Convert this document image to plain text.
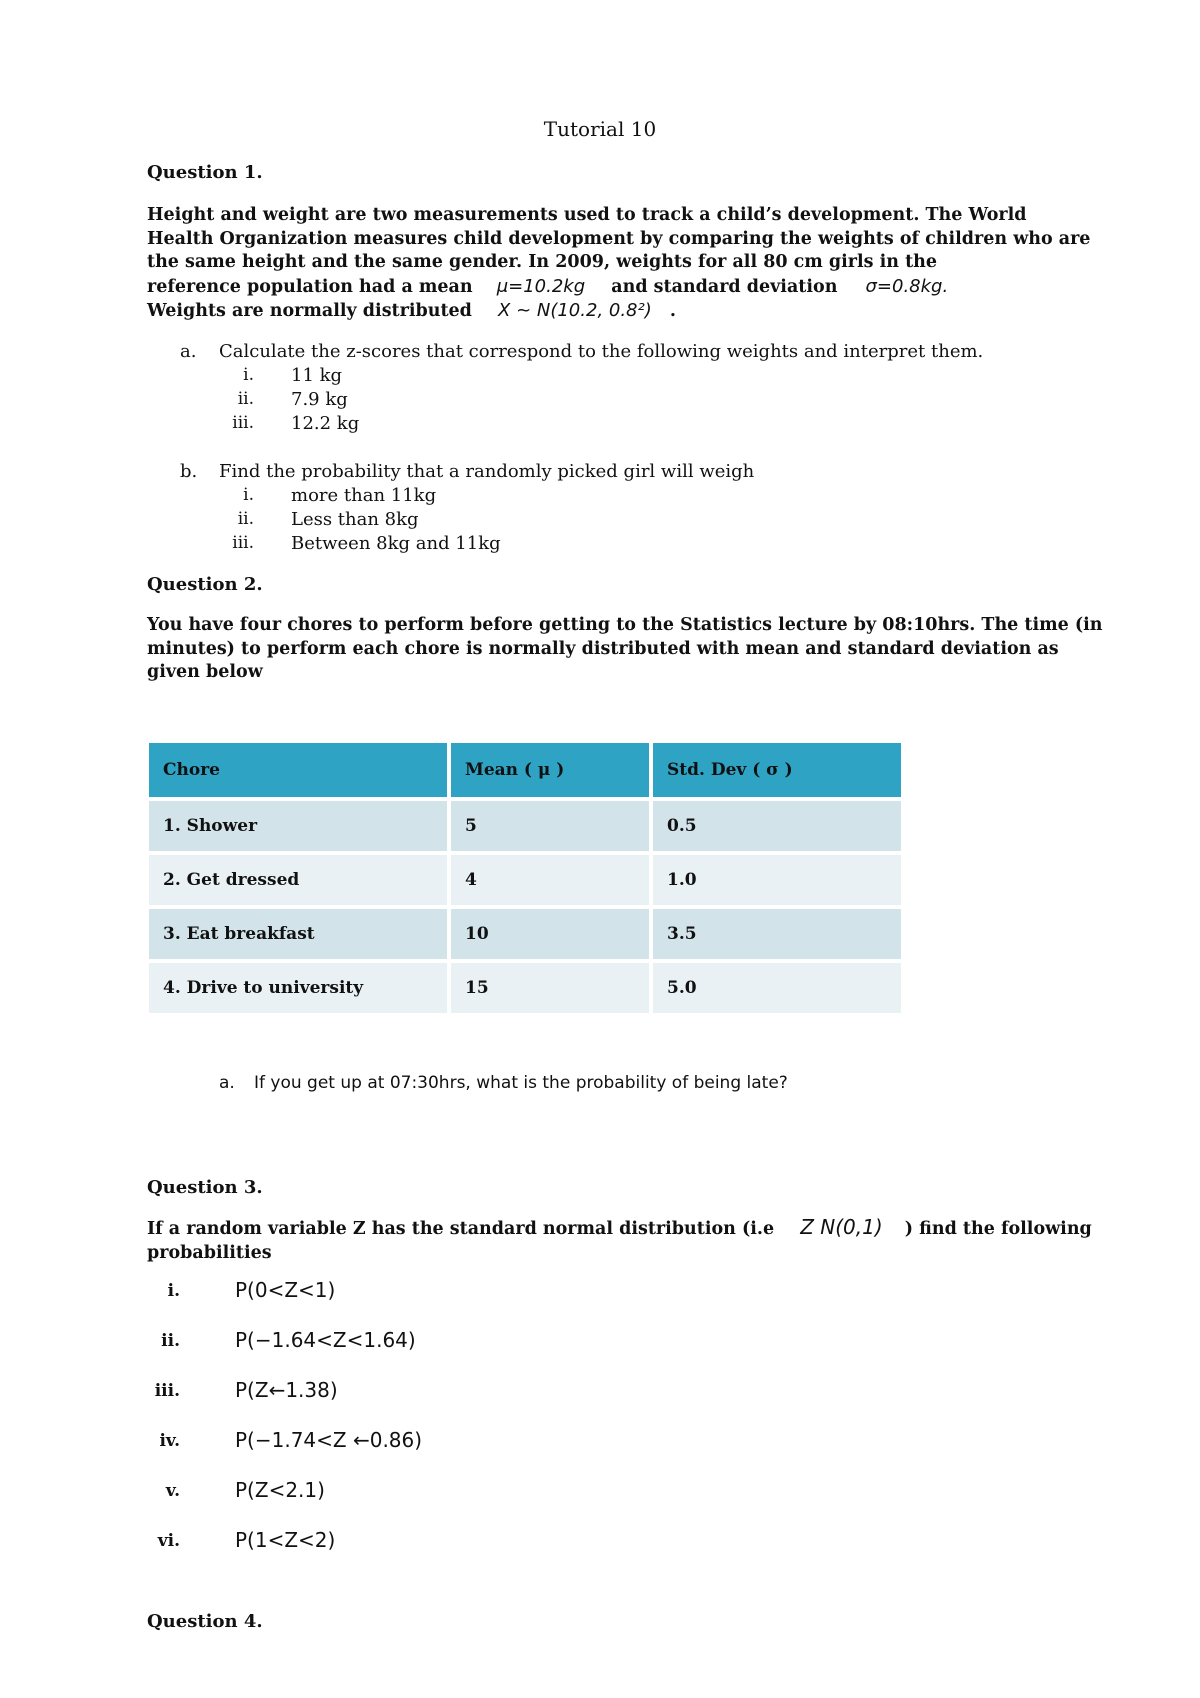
Tutorial 10
Question 1.
Height and weight are two measurements used to track a child’s development. The World
Health Organization measures child development by comparing the weights of children who are
the same height and the same gender. In 2009, weights for all 80 cm girls in the
reference population had a mean μ=10.2kg and standard deviation σ=0.8kg.
Weights are normally distributed X ~ N(10.2, 0.8²) .
a. Calculate the z-scores that correspond to the following weights and interpret them.
i. 11 kg
ii. 7.9 kg
iii. 12.2 kg
b. Find the probability that a randomly picked girl will weigh
i. more than 11kg
ii. Less than 8kg
iii. Between 8kg and 11kg
Question 2.
You have four chores to perform before getting to the Statistics lecture by 08:10hrs. The time (in
minutes) to perform each chore is normally distributed with mean and standard deviation as
given below
Chore	Mean ( μ )	Std. Dev ( σ )
1. Shower	5	0.5
2. Get dressed	4	1.0
3. Eat breakfast	10	3.5
4. Drive to university	15	5.0
a. If you get up at 07:30hrs, what is the probability of being late?
Question 3.
If a random variable Z has the standard normal distribution (i.e Z N(0,1) ) find the following
probabilities
i.	P(0<Z<1)
ii.	P(−1.64<Z<1.64)
iii.	P(Z←1.38)
iv.	P(−1.74<Z ←0.86)
v.	P(Z<2.1)
vi.	P(1<Z<2)
Question 4.
